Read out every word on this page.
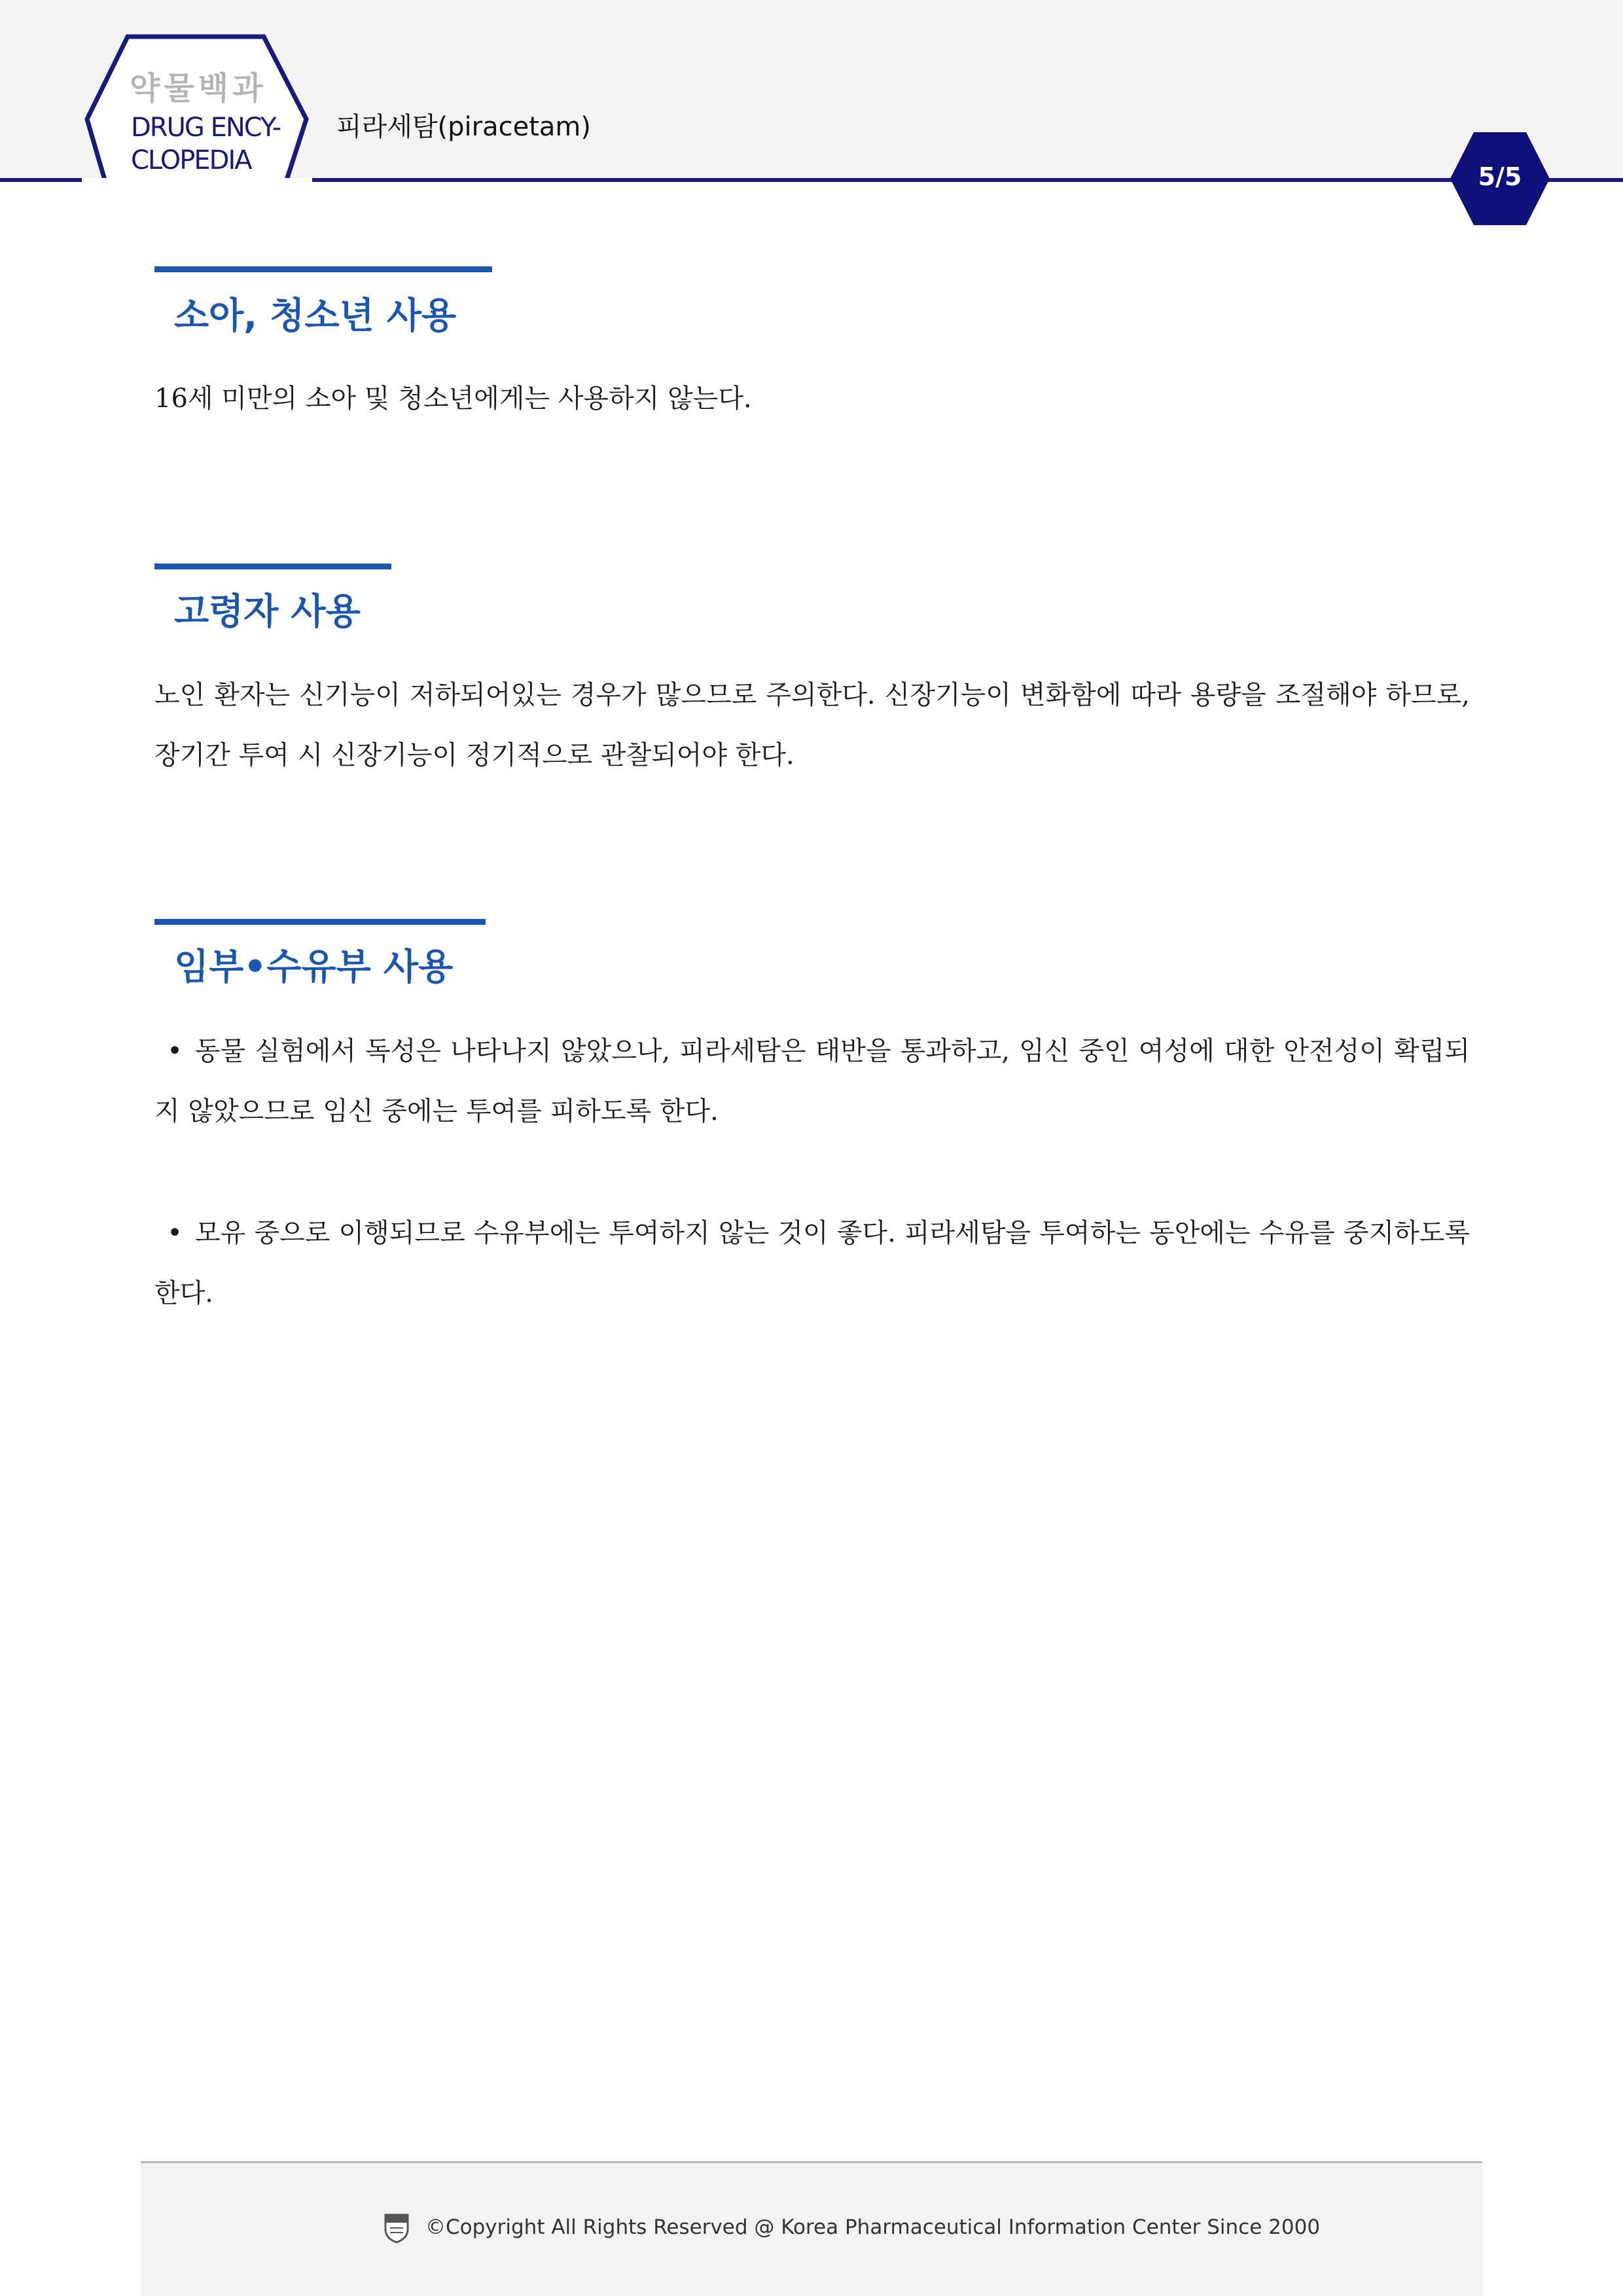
약물백과
DRUG ENCY-
CLOPEDIA
피라세탐(piracetam)
5/5
소아, 청소년 사용
16세 미만의 소아 및 청소년에게는 사용하지 않는다.
고령자 사용
노인 환자는 신기능이 저하되어있는 경우가 많으므로 주의한다. 신장기능이 변화함에 따라 용량을 조절해야 하므로, 장기간 투여 시 신장기능이 정기적으로 관찰되어야 한다.
임부•수유부 사용
• 동물 실험에서 독성은 나타나지 않았으나, 피라세탐은 태반을 통과하고, 임신 중인 여성에 대한 안전성이 확립되지 않았으므로 임신 중에는 투여를 피하도록 한다.
• 모유 중으로 이행되므로 수유부에는 투여하지 않는 것이 좋다. 피라세탐을 투여하는 동안에는 수유를 중지하도록 한다.
©Copyright All Rights Reserved @ Korea Pharmaceutical Information Center Since 2000
